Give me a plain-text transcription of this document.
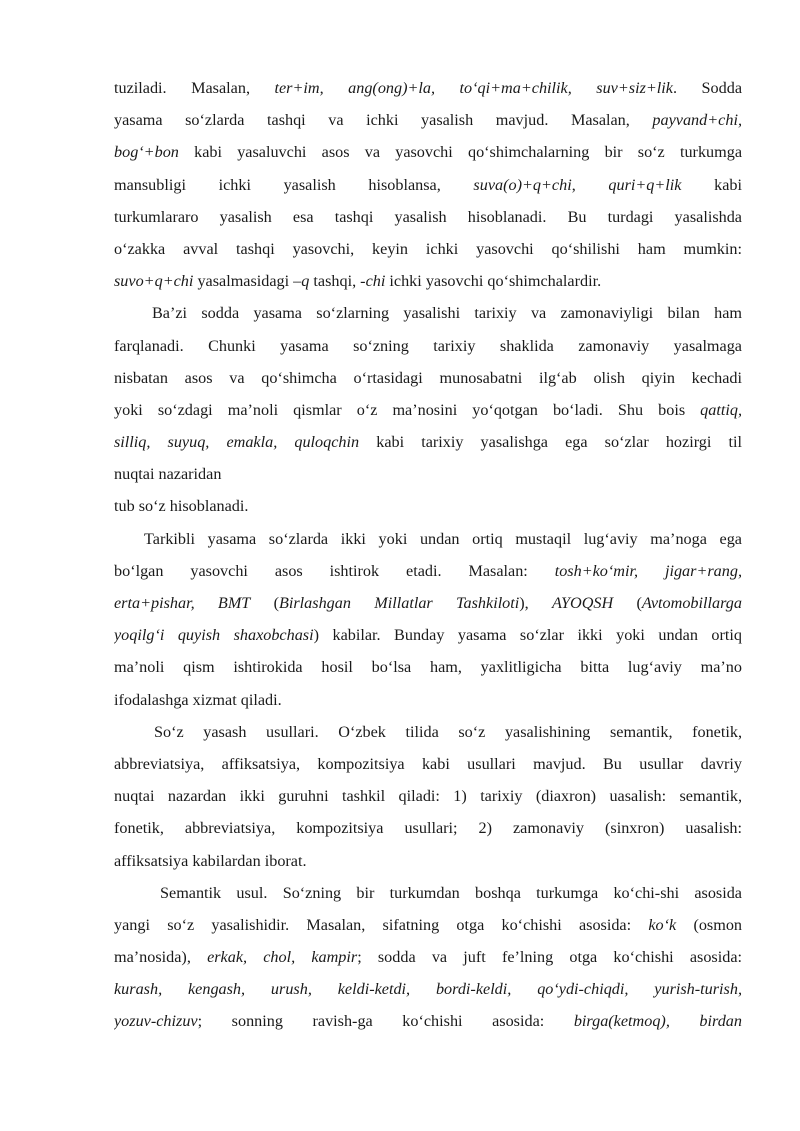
tuziladi. Masalan, ter+im, ang(ong)+la, to‘qi+ma+chilik, suv+siz+lik. Sodda
yasama so‘zlarda tashqi va ichki yasalish mavjud. Masalan, payvand+chi,
bog‘+bon kabi yasaluvchi asos va yasovchi qo‘shimchalarning bir so‘z turkumga
mansubligi ichki yasalish hisoblansa, suva(o)+q+chi, quri+q+lik kabi
turkumlararo yasalish esa tashqi yasalish hisoblanadi. Bu turdagi yasalishda
o‘zakka avval tashqi yasovchi, keyin ichki yasovchi qo‘shilishi ham mumkin:
suvo+q+chi yasalmasidagi –q tashqi, -chi ichki yasovchi qo‘shimchalardir.
Ba’zi sodda yasama so‘zlarning yasalishi tarixiy va zamonaviyligi bilan ham
farqlanadi. Chunki yasama so‘zning tarixiy shaklida zamonaviy yasalmaga
nisbatan asos va qo‘shimcha o‘rtasidagi munosabatni ilg‘ab olish qiyin kechadi
yoki so‘zdagi ma’noli qismlar o‘z ma’nosini yo‘qotgan bo‘ladi. Shu bois qattiq,
silliq, suyuq, emakla, quloqchin kabi tarixiy yasalishga ega so‘zlar hozirgi til
nuqtai nazaridan
tub so‘z hisoblanadi.
Tarkibli yasama so‘zlarda ikki yoki undan ortiq mustaqil lug‘aviy ma’noga ega
bo‘lgan yasovchi asos ishtirok etadi. Masalan: tosh+ko‘mir, jigar+rang,
erta+pishar, BMT (Birlashgan Millatlar Tashkiloti), AYOQSH (Avtomobillarga
yoqilg‘i quyish shaxobchasi) kabilar. Bunday yasama so‘zlar ikki yoki undan ortiq
ma’noli qism ishtirokida hosil bo‘lsa ham, yaxlitligicha bitta lug‘aviy ma’no
ifodalashga xizmat qiladi.
So‘z yasash usullari. O‘zbek tilida so‘z yasalishining semantik, fonetik,
abbreviatsiya, affiksatsiya, kompozitsiya kabi usullari mavjud. Bu usullar davriy
nuqtai nazardan ikki guruhni tashkil qiladi: 1) tarixiy (diaxron) uasalish: semantik,
fonetik, abbreviatsiya, kompozitsiya usullari; 2) zamonaviy (sinxron) uasalish:
affiksatsiya kabilardan iborat.
Semantik usul. So‘zning bir turkumdan boshqa turkumga ko‘chi-shi asosida
yangi so‘z yasalishidir. Masalan, sifatning otga ko‘chishi asosida: ko‘k (osmon
ma’nosida), erkak, chol, kampir; sodda va juft fe’lning otga ko‘chishi asosida:
kurash, kengash, urush, keldi-ketdi, bordi-keldi, qo‘ydi-chiqdi, yurish-turish,
yozuv-chizuv; sonning ravish-ga ko‘chishi asosida: birga(ketmoq), birdan
